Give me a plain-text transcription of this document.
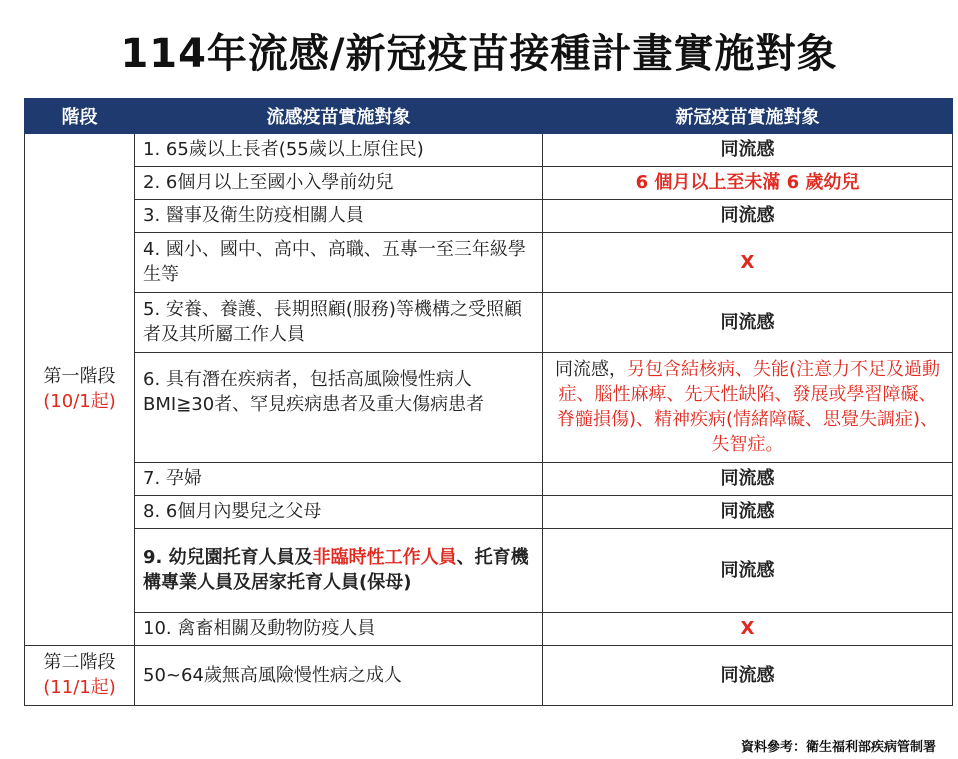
114年流感/新冠疫苗接種計畫實施對象
階段	流感疫苗實施對象	新冠疫苗實施對象

第一階段
(10/1起)	1. 65歲以上長者(55歲以上原住民)	同流感
	2. 6個月以上至國小入學前幼兒	6 個月以上至未滿 6 歲幼兒
	3. 醫事及衛生防疫相關人員	同流感
	4. 國小、國中、高中、高職、五專一至三年級學生等	X
	5. 安養、養護、長期照顧(服務)等機構之受照顧者及其所屬工作人員	同流感
	6. 具有潛在疾病者，包括高風險慢性病人BMI≧30者、罕見疾病患者及重大傷病患者	同流感，另包含結核病、失能(注意力不足及過動症、腦性麻痺、先天性缺陷、發展或學習障礙、脊髓損傷)、精神疾病(情緒障礙、思覺失調症)、失智症。
	7. 孕婦	同流感
	8. 6個月內嬰兒之父母	同流感
	9. 幼兒園托育人員及非臨時性工作人員、托育機構專業人員及居家托育人員(保母)	同流感
	10. 禽畜相關及動物防疫人員	X

第二階段
(11/1起)	50~64歲無高風險慢性病之成人	同流感
資料參考：衛生福利部疾病管制署
